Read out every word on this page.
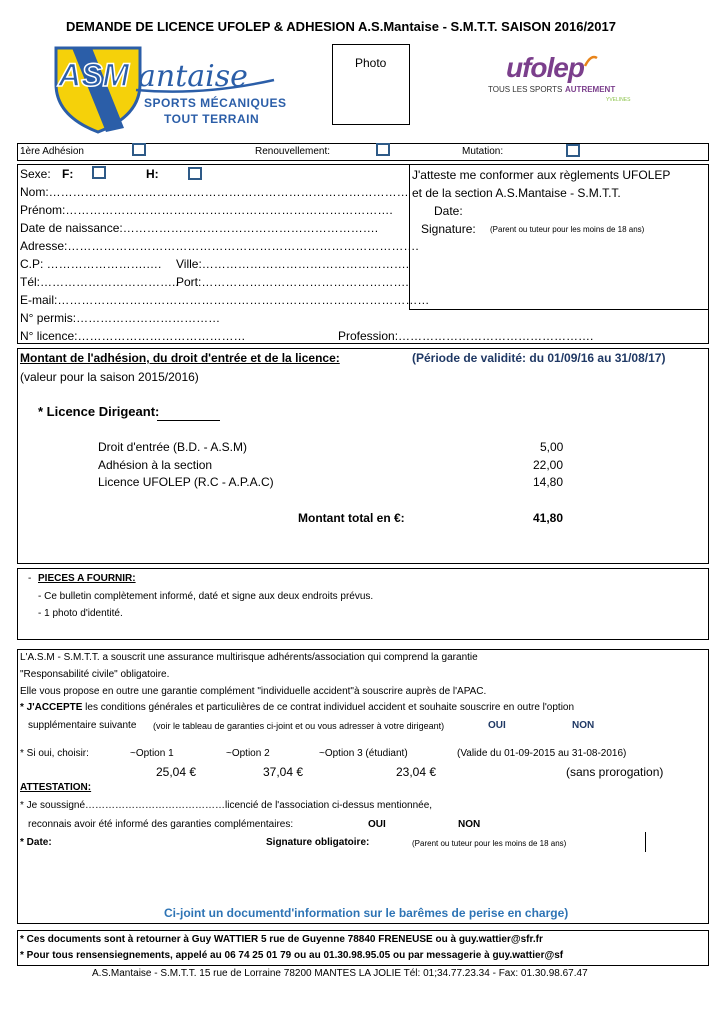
DEMANDE DE LICENCE UFOLEP & ADHESION A.S.Mantaise - S.M.T.T. SAISON 2016/2017
ASM antaise
SPORTS MÉCANIQUES
TOUT TERRAIN
Photo	ufolep
TOUS LES SPORTS AUTREMENT
YVELINES
1ère Adhésion	Renouvellement:	Mutation:
Sexe: F:	H:
Nom:………………………………………………………………………………
Prénom:……………………………………………………………………….
Date de naissance:……………………………………………………….
Adresse:…………………………………………………………………………….
C.P: …………………….…. Ville:…………………………………………….
Tél:……………………………..
Port:…………………………………………….
E-mail:…………………………………………………………………………………
N° permis:………………………………
N° licence:……………………………………	Profession:………………………………………….
J'atteste me conformer aux règlements UFOLEP
et de la section A.S.Mantaise - S.M.T.T.
Date:
Signature: (Parent ou tuteur pour les moins de 18 ans)
Montant de l'adhésion, du droit d'entrée et de la licence:	(Période de validité: du 01/09/16 au 31/08/17)
(valeur pour la saison 2015/2016)
* Licence Dirigeant:
Droit d'entrée (B.D. - A.S.M)	5,00
Adhésion à la section	22,00
Licence UFOLEP (R.C - A.P.A.C)	14,80
Montant total en €:	41,80
- PIECES A FOURNIR:
- Ce bulletin complètement informé, daté et signe aux deux endroits prévus.
- 1 photo d'identité.
L'A.S.M - S.M.T.T. a souscrit une assurance multirisque adhérents/association qui comprend la garantie
"Responsabilité civile" obligatoire.
Elle vous propose en outre une garantie complément "individuelle accident"à souscrire auprès de l'APAC.
* J'ACCEPTE les conditions générales et particulières de ce contrat individuel accident et souhaite souscrire en outre l'option
supplémentaire suivante (voir le tableau de garanties ci-joint et ou vous adresser à votre dirigeant)	OUI	NON
* Si oui, choisir:	~Option 1	~Option 2	~Option 3 (étudiant)	(Valide du 01-09-2015 au 31-08-2016)
25,04 €	37,04 €	23,04 €	(sans prorogation)
ATTESTATION:
* Je soussigné……………………………………licencié de l'association ci-dessus mentionnée,
reconnais avoir été informé des garanties complémentaires:	OUI	NON
* Date:	Signature obligatoire:	(Parent ou tuteur pour les moins de 18 ans)
Ci-joint un documentd'information sur le barêmes de perise en charge)
* Ces documents sont à retourner à Guy WATTIER 5 rue de Guyenne 78840 FRENEUSE ou à guy.wattier@sfr.fr
* Pour tous rensensiegnements, appelé au 06 74 25 01 79 ou au 01.30.98.95.05 ou par messagerie à guy.wattier@sf
A.S.Mantaise - S.M.T.T. 15 rue de Lorraine 78200 MANTES LA JOLIE Tél: 01;34.77.23.34 - Fax: 01.30.98.67.47
